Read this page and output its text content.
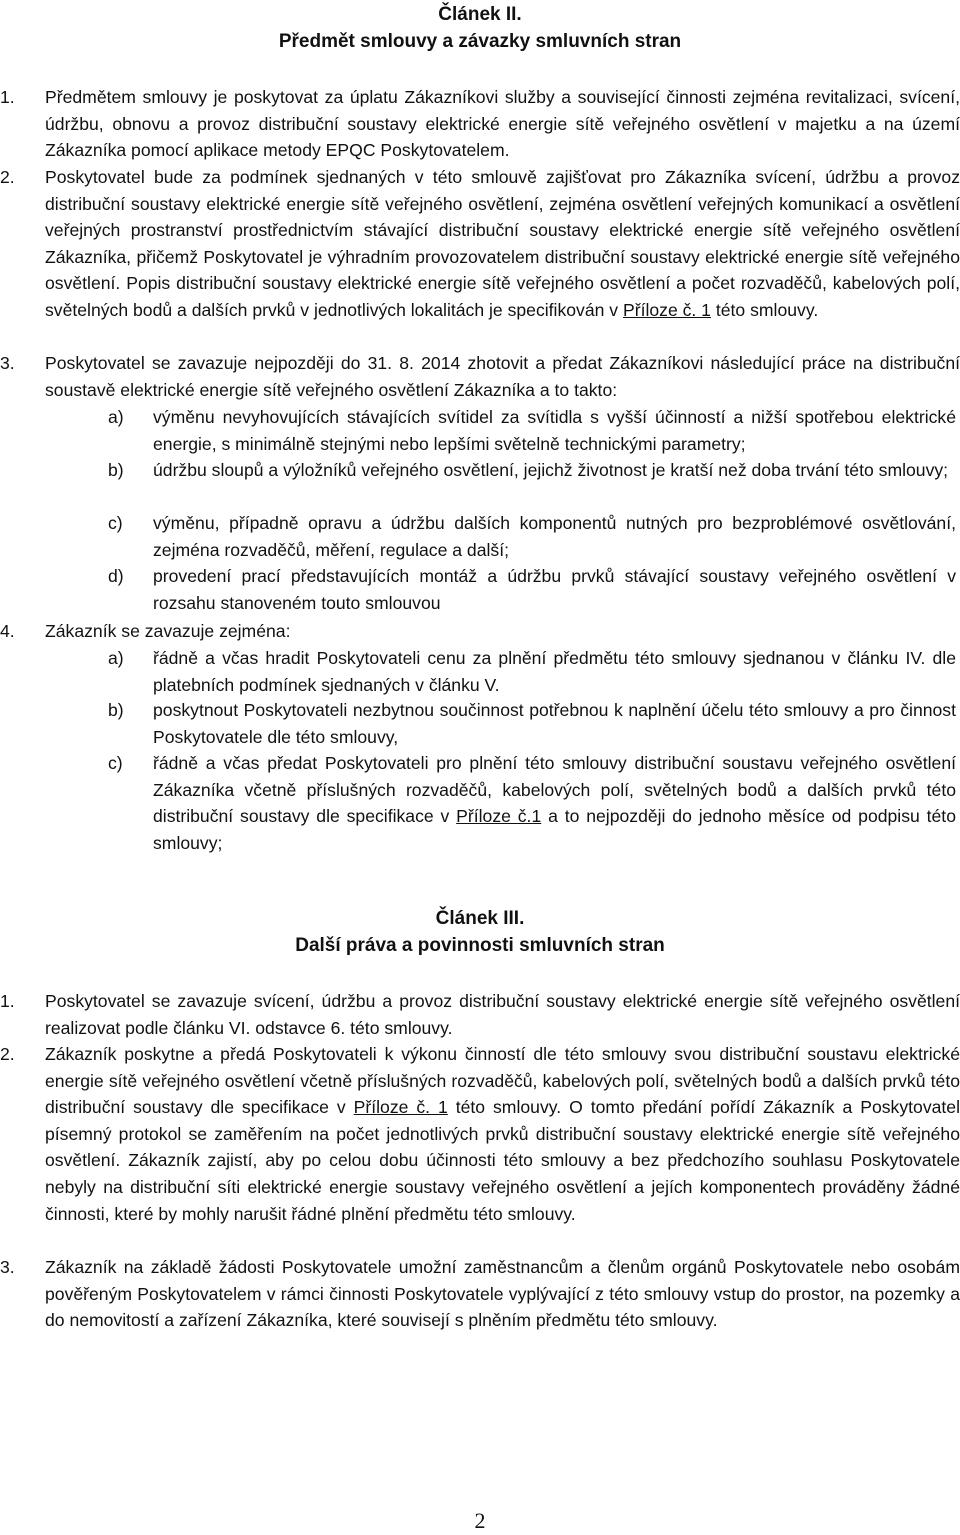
Článek II.
Předmět smlouvy a závazky smluvních stran
1.	Předmětem smlouvy je poskytovat za úplatu Zákazníkovi služby a související činnosti zejména revitalizaci, svícení, údržbu, obnovu a provoz distribuční soustavy elektrické energie sítě veřejného osvětlení v majetku a na území Zákazníka pomocí aplikace metody EPQC Poskytovatelem.
2.	Poskytovatel bude za podmínek sjednaných v této smlouvě zajišťovat pro Zákazníka svícení, údržbu a provoz distribuční soustavy elektrické energie sítě veřejného osvětlení, zejména osvětlení veřejných komunikací a osvětlení veřejných prostranství prostřednictvím stávající distribuční soustavy elektrické energie sítě veřejného osvětlení Zákazníka, přičemž Poskytovatel je výhradním provozovatelem distribuční soustavy elektrické energie sítě veřejného osvětlení. Popis distribuční soustavy elektrické energie sítě veřejného osvětlení a počet rozvaděčů, kabelových polí, světelných bodů a dalších prvků v jednotlivých lokalitách je specifikován v Příloze č. 1 této smlouvy.
3.	Poskytovatel se zavazuje nejpozději do 31. 8. 2014 zhotovit a předat Zákazníkovi následující práce na distribuční soustavě elektrické energie sítě veřejného osvětlení Zákazníka a to takto:
a)	výměnu nevyhovujících stávajících svítidel za svítidla s vyšší účinností a nižší spotřebou elektrické energie, s minimálně stejnými nebo lepšími světelně technickými parametry;
b)	údržbu sloupů a výložníků veřejného osvětlení, jejichž životnost je kratší než doba trvání této smlouvy;
c)	výměnu, případně opravu a údržbu dalších komponentů nutných pro bezproblémové osvětlování, zejména rozvaděčů, měření, regulace a další;
d)	provedení prací představujících montáž a údržbu prvků stávající soustavy veřejného osvětlení v rozsahu stanoveném touto smlouvou
4.	Zákazník se zavazuje zejména:
a)	řádně a včas hradit Poskytovateli cenu za plnění předmětu této smlouvy sjednanou v článku IV. dle platebních podmínek sjednaných v článku V.
b)	poskytnout Poskytovateli nezbytnou součinnost potřebnou k naplnění účelu této smlouvy a pro činnost Poskytovatele dle této smlouvy,
c)	řádně a včas předat Poskytovateli pro plnění této smlouvy distribuční soustavu veřejného osvětlení Zákazníka včetně příslušných rozvaděčů, kabelových polí, světelných bodů a dalších prvků této distribuční soustavy dle specifikace v Příloze č.1 a to nejpozději do jednoho měsíce od podpisu této smlouvy;
Článek III.
Další práva a povinnosti smluvních stran
1.	Poskytovatel se zavazuje svícení, údržbu a provoz distribuční soustavy elektrické energie sítě veřejného osvětlení realizovat podle článku VI. odstavce 6. této smlouvy.
2.	Zákazník poskytne a předá Poskytovateli k výkonu činností dle této smlouvy svou distribuční soustavu elektrické energie sítě veřejného osvětlení včetně příslušných rozvaděčů, kabelových polí, světelných bodů a dalších prvků této distribuční soustavy dle specifikace v Příloze č. 1 této smlouvy. O tomto předání pořídí Zákazník a Poskytovatel písemný protokol se zaměřením na počet jednotlivých prvků distribuční soustavy elektrické energie sítě veřejného osvětlení. Zákazník zajistí, aby po celou dobu účinnosti této smlouvy a bez předchozího souhlasu Poskytovatele nebyly na distribuční síti elektrické energie soustavy veřejného osvětlení a jejích komponentech prováděny žádné činnosti, které by mohly narušit řádné plnění předmětu této smlouvy.
3.	Zákazník na základě žádosti Poskytovatele umožní zaměstnancům a členům orgánů Poskytovatele nebo osobám pověřeným Poskytovatelem v rámci činnosti Poskytovatele vyplývající z této smlouvy vstup do prostor, na pozemky a do nemovitostí a zařízení Zákazníka, které souvisejí s plněním předmětu této smlouvy.
2
